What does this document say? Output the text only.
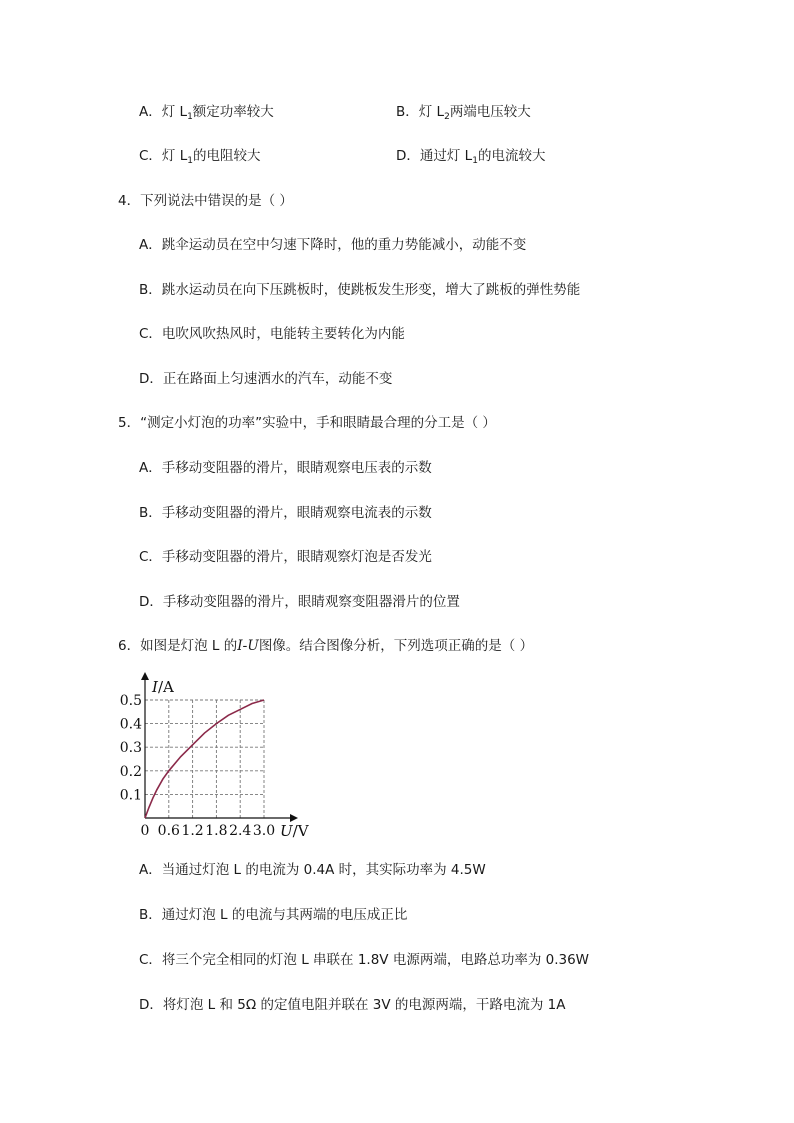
A．灯 $L_1$额定功率较大	B．灯 $L_2$两端电压较大
C．灯 $L_1$的电阻较大	D．通过灯 $L_1$的电流较大
4．下列说法中错误的是（ ）
A．跳伞运动员在空中匀速下降时，他的重力势能减小，动能不变
B．跳水运动员在向下压跳板时，使跳板发生形变，增大了跳板的弹性势能
C．电吹风吹热风时，电能转主要转化为内能
D．正在路面上匀速洒水的汽车，动能不变
5．“测定小灯泡的功率”实验中，手和眼睛最合理的分工是（ ）
A．手移动变阻器的滑片，眼睛观察电压表的示数
B．手移动变阻器的滑片，眼睛观察电流表的示数
C．手移动变阻器的滑片，眼睛观察灯泡是否发光
D．手移动变阻器的滑片，眼睛观察变阻器滑片的位置
6．如图是灯泡 L 的I-U图像。结合图像分析，下列选项正确的是（ ）
0.6 1.2 1.8 2.4 3.0
0.1
0.2
0.3
0.4
0.5
I/A
U/V
0
A．当通过灯泡 L 的电流为 0.4A 时，其实际功率为 4.5W
B．通过灯泡 L 的电流与其两端的电压成正比
C．将三个完全相同的灯泡 L 串联在 1.8V 电源两端，电路总功率为 0.36W
D．将灯泡 L 和 5Ω 的定值电阻并联在 3V 的电源两端，干路电流为 1A
